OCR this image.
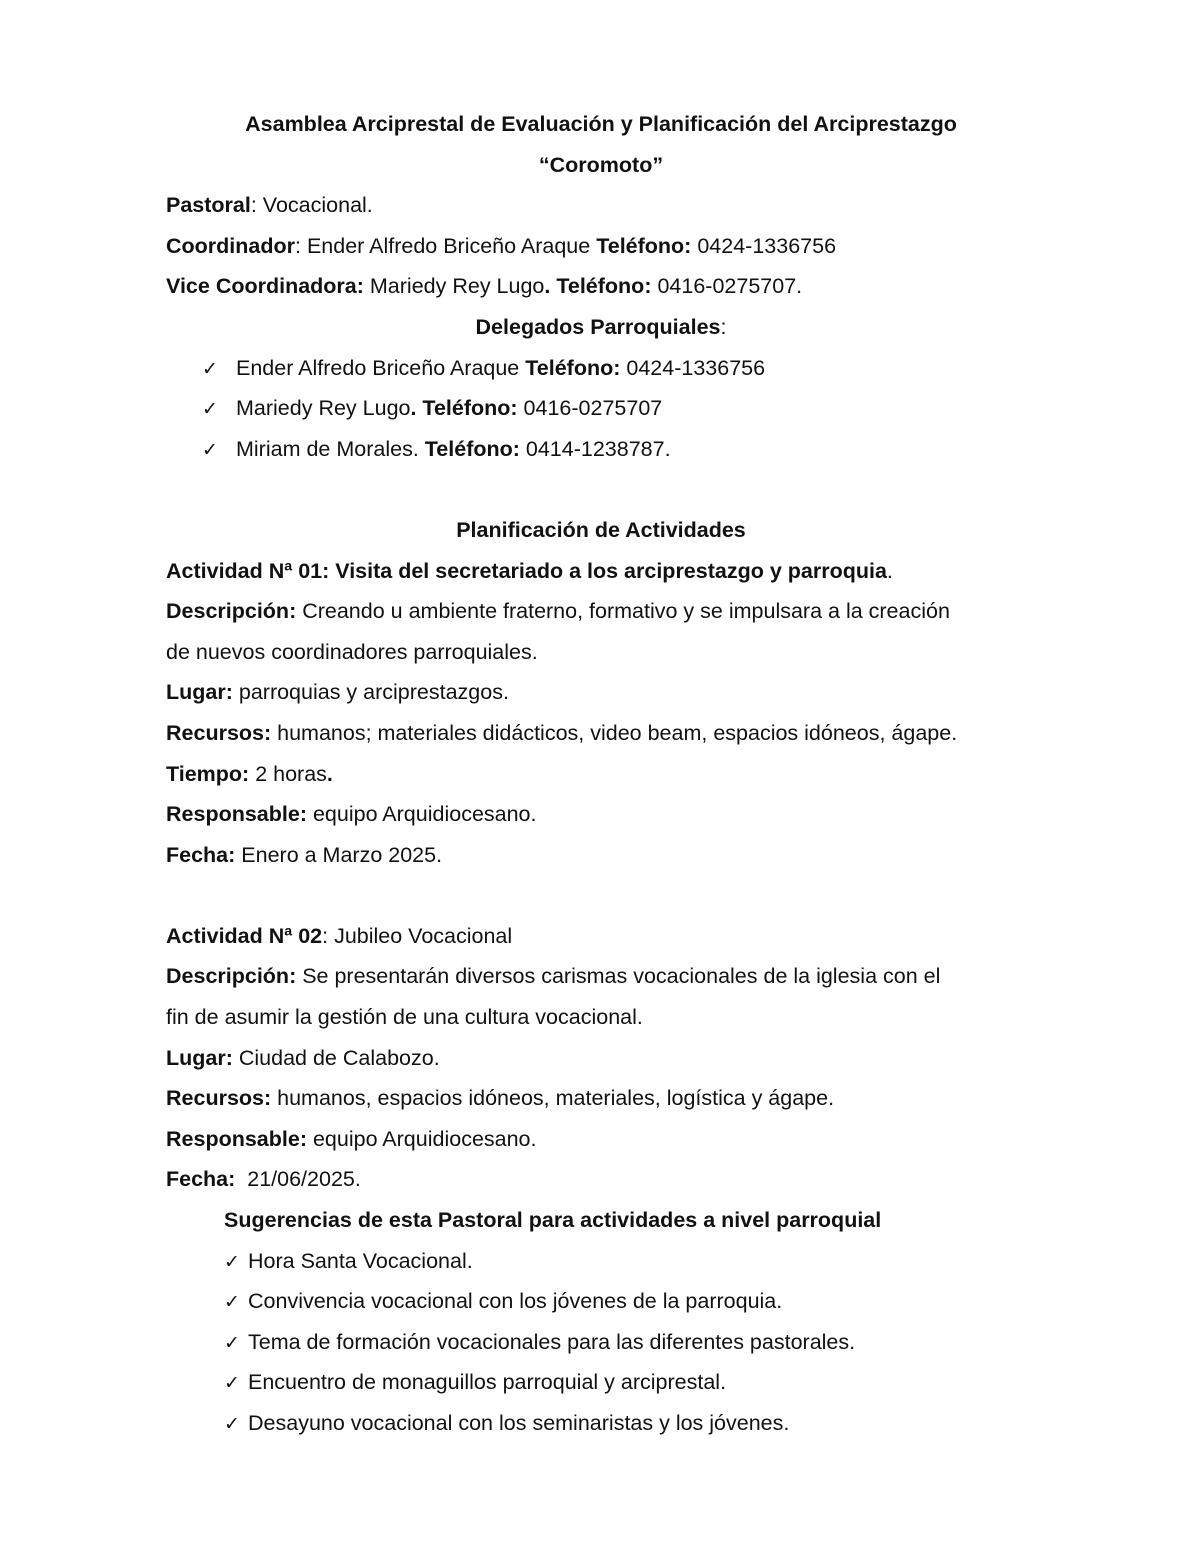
Asamblea Arciprestal de Evaluación y Planificación del Arciprestazgo
“Coromoto”
Pastoral: Vocacional.
Coordinador: Ender Alfredo Briceño Araque Teléfono: 0424-1336756
Vice Coordinadora: Mariedy Rey Lugo. Teléfono: 0416-0275707.
Delegados Parroquiales:
✓ Ender Alfredo Briceño Araque Teléfono: 0424-1336756
✓ Mariedy Rey Lugo. Teléfono: 0416-0275707
✓ Miriam de Morales. Teléfono: 0414-1238787.
Planificación de Actividades
Actividad Nª 01: Visita del secretariado a los arciprestazgo y parroquia.
Descripción: Creando u ambiente fraterno, formativo y se impulsara a la creación
de nuevos coordinadores parroquiales.
Lugar: parroquias y arciprestazgos.
Recursos: humanos; materiales didácticos, video beam, espacios idóneos, ágape.
Tiempo: 2 horas.
Responsable: equipo Arquidiocesano.
Fecha: Enero a Marzo 2025.
Actividad Nª 02: Jubileo Vocacional
Descripción: Se presentarán diversos carismas vocacionales de la iglesia con el
fin de asumir la gestión de una cultura vocacional.
Lugar: Ciudad de Calabozo.
Recursos: humanos, espacios idóneos, materiales, logística y ágape.
Responsable: equipo Arquidiocesano.
Fecha:  21/06/2025.
Sugerencias de esta Pastoral para actividades a nivel parroquial
✓ Hora Santa Vocacional.
✓ Convivencia vocacional con los jóvenes de la parroquia.
✓ Tema de formación vocacionales para las diferentes pastorales.
✓ Encuentro de monaguillos parroquial y arciprestal.
✓ Desayuno vocacional con los seminaristas y los jóvenes.
